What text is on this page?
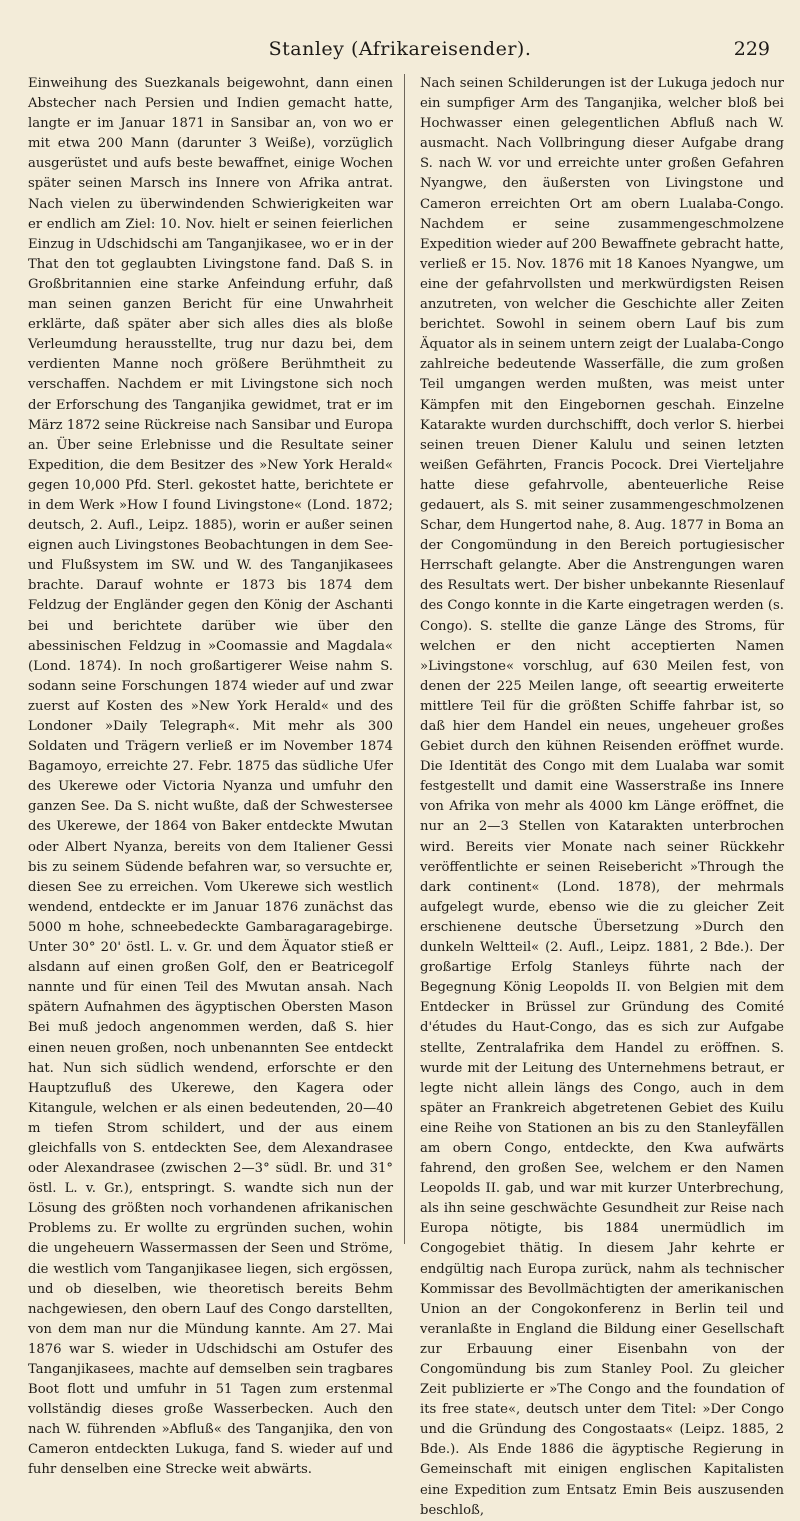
Stanley (Afrikareisender).	229

Einweihung des Suezkanals beigewohnt, dann einen Abstecher nach Persien und Indien gemacht hatte, langte er im Januar 1871 in Sansibar an, von wo er mit etwa 200 Mann (darunter 3 Weiße), vorzüglich ausgerüstet und aufs beste bewaffnet, einige Wochen später seinen Marsch ins Innere von Afrika antrat. Nach vielen zu überwindenden Schwierigkeiten war er endlich am Ziel: 10. Nov. hielt er seinen feierlichen Einzug in Udschidschi am Tanganjikasee, wo er in der That den tot geglaubten Livingstone fand. Daß S. in Großbritannien eine starke Anfeindung erfuhr, daß man seinen ganzen Bericht für eine Unwahrheit erklärte, daß später aber sich alles dies als bloße Verleumdung herausstellte, trug nur dazu bei, dem verdienten Manne noch größere Berühmtheit zu verschaffen. Nachdem er mit Livingstone sich noch der Erforschung des Tanganjika gewidmet, trat er im März 1872 seine Rückreise nach Sansibar und Europa an. Über seine Erlebnisse und die Resultate seiner Expedition, die dem Besitzer des »New York Herald« gegen 10,000 Pfd. Sterl. gekostet hatte, berichtete er in dem Werk »How I found Livingstone« (Lond. 1872; deutsch, 2. Aufl., Leipz. 1885), worin er außer seinen eignen auch Livingstones Beobachtungen in dem See- und Flußsystem im SW. und W. des Tanganjikasees brachte. Darauf wohnte er 1873 bis 1874 dem Feldzug der Engländer gegen den König der Aschanti bei und berichtete darüber wie über den abessinischen Feldzug in »Coomassie and Magdala« (Lond. 1874). In noch großartigerer Weise nahm S. sodann seine Forschungen 1874 wieder auf und zwar zuerst auf Kosten des »New York Herald« und des Londoner »Daily Telegraph«. Mit mehr als 300 Soldaten und Trägern verließ er im November 1874 Bagamoyo, erreichte 27. Febr. 1875 das südliche Ufer des Ukerewe oder Victoria Nyanza und umfuhr den ganzen See. Da S. nicht wußte, daß der Schwestersee des Ukerewe, der 1864 von Baker entdeckte Mwutan oder Albert Nyanza, bereits von dem Italiener Gessi bis zu seinem Südende befahren war, so versuchte er, diesen See zu erreichen. Vom Ukerewe sich westlich wendend, entdeckte er im Januar 1876 zunächst das 5000 m hohe, schneebedeckte Gambaragaragebirge. Unter 30° 20' östl. L. v. Gr. und dem Äquator stieß er alsdann auf einen großen Golf, den er Beatricegolf nannte und für einen Teil des Mwutan ansah. Nach spätern Aufnahmen des ägyptischen Obersten Mason Bei muß jedoch angenommen werden, daß S. hier einen neuen großen, noch unbenannten See entdeckt hat. Nun sich südlich wendend, erforschte er den Hauptzufluß des Ukerewe, den Kagera oder Kitangule, welchen er als einen bedeutenden, 20—40 m tiefen Strom schildert, und der aus einem gleichfalls von S. entdeckten See, dem Alexandrasee oder Alexandrasee (zwischen 2—3° südl. Br. und 31° östl. L. v. Gr.), entspringt. S. wandte sich nun der Lösung des größten noch vorhandenen afrikanischen Problems zu. Er wollte zu ergründen suchen, wohin die ungeheuern Wassermassen der Seen und Ströme, die westlich vom Tanganjikasee liegen, sich ergössen, und ob dieselben, wie theoretisch bereits Behm nachgewiesen, den obern Lauf des Congo darstellten, von dem man nur die Mündung kannte. Am 27. Mai 1876 war S. wieder in Udschidschi am Ostufer des Tanganjikasees, machte auf demselben sein tragbares Boot flott und umfuhr in 51 Tagen zum erstenmal vollständig dieses große Wasserbecken. Auch den nach W. führenden »Abfluß« des Tanganjika, den von Cameron entdeckten Lukuga, fand S. wieder auf und fuhr denselben eine Strecke weit abwärts.

Nach seinen Schilderungen ist der Lukuga jedoch nur ein sumpfiger Arm des Tanganjika, welcher bloß bei Hochwasser einen gelegentlichen Abfluß nach W. ausmacht. Nach Vollbringung dieser Aufgabe drang S. nach W. vor und erreichte unter großen Gefahren Nyangwe, den äußersten von Livingstone und Cameron erreichten Ort am obern Lualaba-Congo. Nachdem er seine zusammengeschmolzene Expedition wieder auf 200 Bewaffnete gebracht hatte, verließ er 15. Nov. 1876 mit 18 Kanoes Nyangwe, um eine der gefahrvollsten und merkwürdigsten Reisen anzutreten, von welcher die Geschichte aller Zeiten berichtet. Sowohl in seinem obern Lauf bis zum Äquator als in seinem untern zeigt der Lualaba-Congo zahlreiche bedeutende Wasserfälle, die zum großen Teil umgangen werden mußten, was meist unter Kämpfen mit den Eingebornen geschah. Einzelne Katarakte wurden durchschifft, doch verlor S. hierbei seinen treuen Diener Kalulu und seinen letzten weißen Gefährten, Francis Pocock. Drei Vierteljahre hatte diese gefahrvolle, abenteuerliche Reise gedauert, als S. mit seiner zusammengeschmolzenen Schar, dem Hungertod nahe, 8. Aug. 1877 in Boma an der Congomündung in den Bereich portugiesischer Herrschaft gelangte. Aber die Anstrengungen waren des Resultats wert. Der bisher unbekannte Riesenlauf des Congo konnte in die Karte eingetragen werden (s. Congo). S. stellte die ganze Länge des Stroms, für welchen er den nicht acceptierten Namen »Livingstone« vorschlug, auf 630 Meilen fest, von denen der 225 Meilen lange, oft seeartig erweiterte mittlere Teil für die größten Schiffe fahrbar ist, so daß hier dem Handel ein neues, ungeheuer großes Gebiet durch den kühnen Reisenden eröffnet wurde. Die Identität des Congo mit dem Lualaba war somit festgestellt und damit eine Wasserstraße ins Innere von Afrika von mehr als 4000 km Länge eröffnet, die nur an 2—3 Stellen von Katarakten unterbrochen wird. Bereits vier Monate nach seiner Rückkehr veröffentlichte er seinen Reisebericht »Through the dark continent« (Lond. 1878), der mehrmals aufgelegt wurde, ebenso wie die zu gleicher Zeit erschienene deutsche Übersetzung »Durch den dunkeln Weltteil« (2. Aufl., Leipz. 1881, 2 Bde.). Der großartige Erfolg Stanleys führte nach der Begegnung König Leopolds II. von Belgien mit dem Entdecker in Brüssel zur Gründung des Comité d'études du Haut-Congo, das es sich zur Aufgabe stellte, Zentralafrika dem Handel zu eröffnen. S. wurde mit der Leitung des Unternehmens betraut, er legte nicht allein längs des Congo, auch in dem später an Frankreich abgetretenen Gebiet des Kuilu eine Reihe von Stationen an bis zu den Stanleyfällen am obern Congo, entdeckte, den Kwa aufwärts fahrend, den großen See, welchem er den Namen Leopolds II. gab, und war mit kurzer Unterbrechung, als ihn seine geschwächte Gesundheit zur Reise nach Europa nötigte, bis 1884 unermüdlich im Congogebiet thätig. In diesem Jahr kehrte er endgültig nach Europa zurück, nahm als technischer Kommissar des Bevollmächtigten der amerikanischen Union an der Congokonferenz in Berlin teil und veranlaßte in England die Bildung einer Gesellschaft zur Erbauung einer Eisenbahn von der Congomündung bis zum Stanley Pool. Zu gleicher Zeit publizierte er »The Congo and the foundation of its free state«, deutsch unter dem Titel: »Der Congo und die Gründung des Congostaats« (Leipz. 1885, 2 Bde.). Als Ende 1886 die ägyptische Regierung in Gemeinschaft mit einigen englischen Kapitalisten eine Expedition zum Entsatz Emin Beis auszusenden beschloß,
